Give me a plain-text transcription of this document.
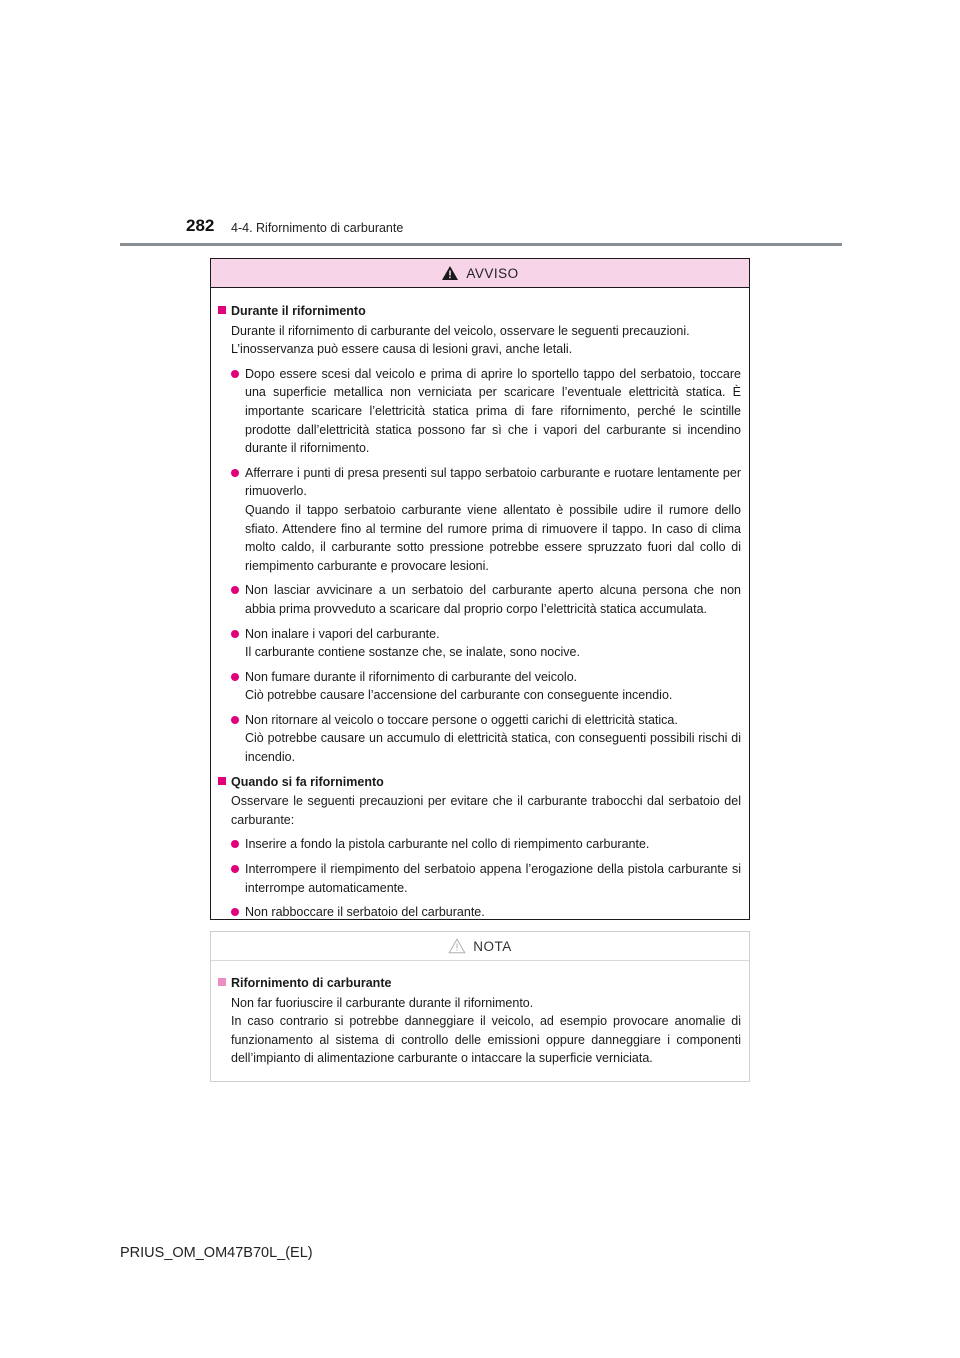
282 4-4. Rifornimento di carburante
AVVISO
Durante il rifornimento
Durante il rifornimento di carburante del veicolo, osservare le seguenti precauzioni.
L’inosservanza può essere causa di lesioni gravi, anche letali.
Dopo essere scesi dal veicolo e prima di aprire lo sportello tappo del serbatoio, toccare una superficie metallica non verniciata per scaricare l’eventuale elettricità statica. È importante scaricare l’elettricità statica prima di fare rifornimento, perché le scintille prodotte dall’elettricità statica possono far sì che i vapori del carburante si incendino durante il rifornimento.
Afferrare i punti di presa presenti sul tappo serbatoio carburante e ruotare lentamente per rimuoverlo.
Quando il tappo serbatoio carburante viene allentato è possibile udire il rumore dello sfiato. Attendere fino al termine del rumore prima di rimuovere il tappo. In caso di clima molto caldo, il carburante sotto pressione potrebbe essere spruzzato fuori dal collo di riempimento carburante e provocare lesioni.
Non lasciar avvicinare a un serbatoio del carburante aperto alcuna persona che non abbia prima provveduto a scaricare dal proprio corpo l’elettricità statica accumulata.
Non inalare i vapori del carburante.
Il carburante contiene sostanze che, se inalate, sono nocive.
Non fumare durante il rifornimento di carburante del veicolo.
Ciò potrebbe causare l’accensione del carburante con conseguente incendio.
Non ritornare al veicolo o toccare persone o oggetti carichi di elettricità statica.
Ciò potrebbe causare un accumulo di elettricità statica, con conseguenti possibili rischi di incendio.
Quando si fa rifornimento
Osservare le seguenti precauzioni per evitare che il carburante trabocchi dal serbatoio del carburante:
Inserire a fondo la pistola carburante nel collo di riempimento carburante.
Interrompere il riempimento del serbatoio appena l’erogazione della pistola carburante si interrompe automaticamente.
Non rabboccare il serbatoio del carburante.
NOTA
Rifornimento di carburante
Non far fuoriuscire il carburante durante il rifornimento.
In caso contrario si potrebbe danneggiare il veicolo, ad esempio provocare anomalie di funzionamento al sistema di controllo delle emissioni oppure danneggiare i componenti dell’impianto di alimentazione carburante o intaccare la superficie verniciata.
PRIUS_OM_OM47B70L_(EL)
